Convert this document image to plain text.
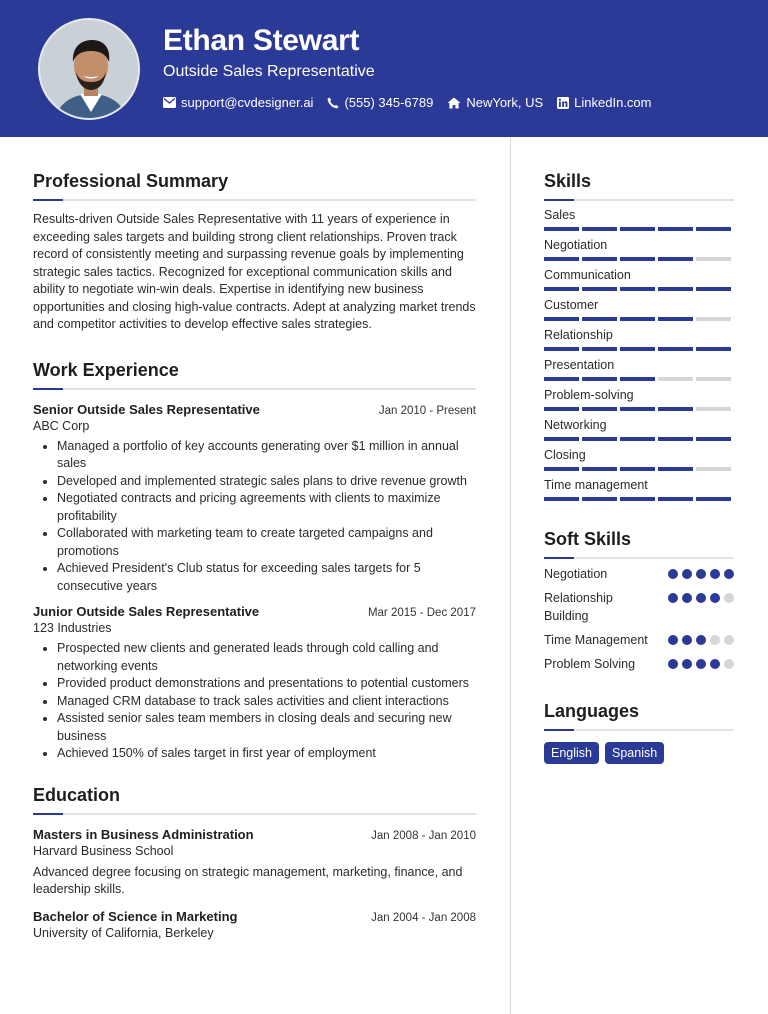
Ethan Stewart
Outside Sales Representative
support@cvdesigner.ai (555) 345-6789	NewYork, US LinkedIn.com
Professional Summary

Results-driven Outside Sales Representative with 11 years of experience in exceeding sales targets and building strong client relationships. Proven track record of consistently meeting and surpassing revenue goals by implementing strategic sales tactics. Recognized for exceptional communication skills and ability to negotiate win-win deals. Expertise in identifying new business opportunities and closing high-value contracts. Adept at analyzing market trends and competitor activities to develop effective sales strategies.

Work Experience
Senior Outside Sales Representative	Jan 2010 - Present
ABC Corp
• Managed a portfolio of key accounts generating over $1 million in annual sales
• Developed and implemented strategic sales plans to drive revenue growth
• Negotiated contracts and pricing agreements with clients to maximize profitability
• Collaborated with marketing team to create targeted campaigns and promotions
• Achieved President's Club status for exceeding sales targets for 5 consecutive years
Junior Outside Sales Representative	Mar 2015 - Dec 2017
123 Industries
• Prospected new clients and generated leads through cold calling and networking events
• Provided product demonstrations and presentations to potential customers
• Managed CRM database to track sales activities and client interactions
• Assisted senior sales team members in closing deals and securing new business
• Achieved 150% of sales target in first year of employment
Education
Masters in Business Administration	Jan 2008 - Jan 2010
Harvard Business School

Advanced degree focusing on strategic management, marketing, finance, and leadership skills.

Bachelor of Science in Marketing	Jan 2004 - Jan 2008
University of California, Berkeley
Skills
Sales
Negotiation
Communication
Customer
Relationship
Presentation
Problem-solving
Networking
Closing
Time management
Soft Skills
Negotiation
Relationship Building
Time Management
Problem Solving
Languages
English	Spanish
